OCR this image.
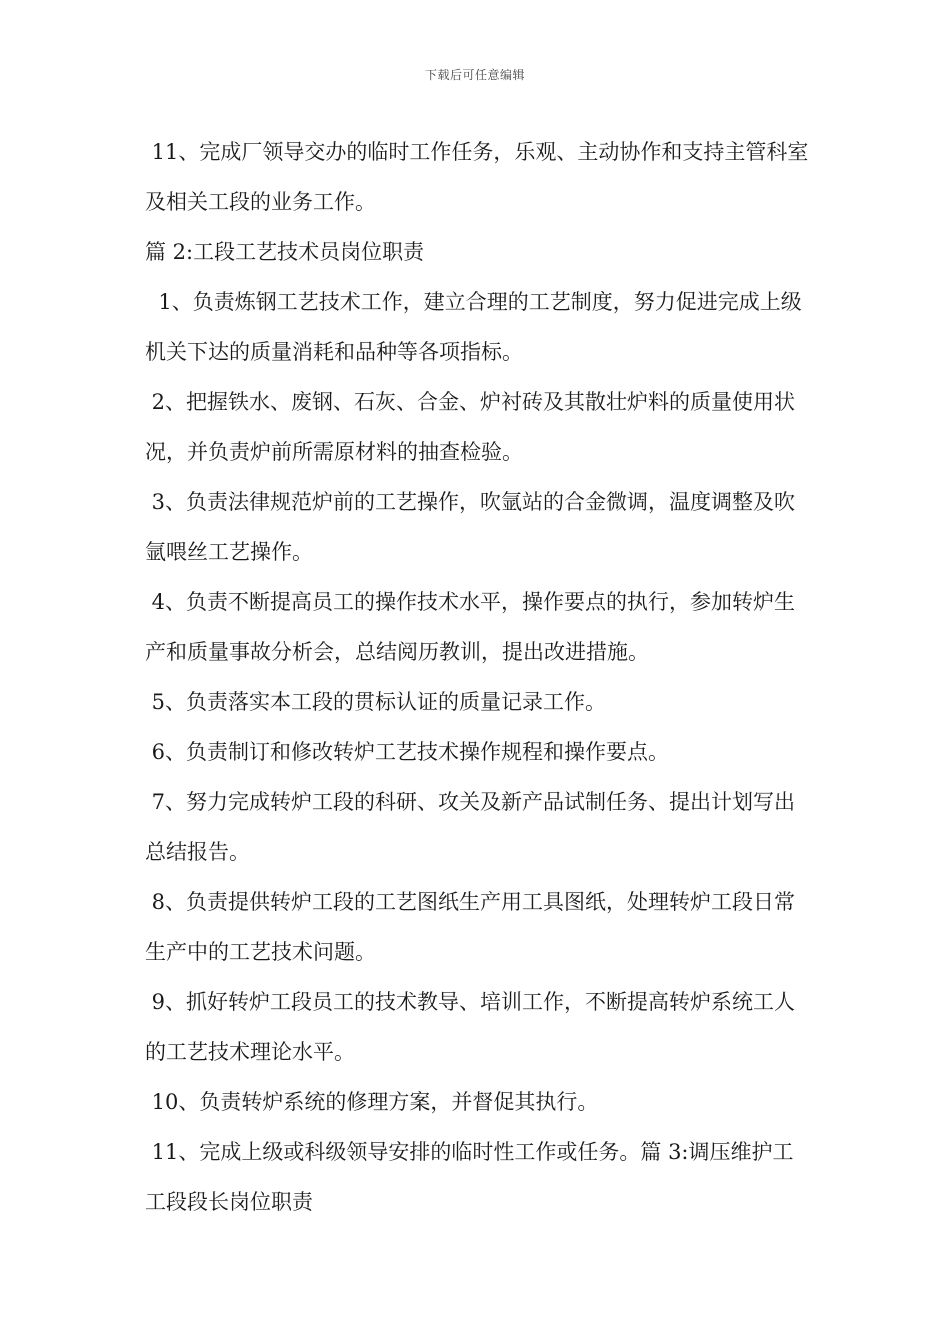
下载后可任意编辑

11、完成厂领导交办的临时工作任务，乐观、主动协作和支持主管科室及相关工段的业务工作。

篇 2:工段工艺技术员岗位职责

1、负责炼钢工艺技术工作，建立合理的工艺制度，努力促进完成上级机关下达的质量消耗和品种等各项指标。

2、把握铁水、废钢、石灰、合金、炉衬砖及其散壮炉料的质量使用状况，并负责炉前所需原材料的抽查检验。

3、负责法律规范炉前的工艺操作，吹氩站的合金微调，温度调整及吹氩喂丝工艺操作。

4、负责不断提高员工的操作技术水平，操作要点的执行，参加转炉生产和质量事故分析会，总结阅历教训，提出改进措施。

5、负责落实本工段的贯标认证的质量记录工作。

6、负责制订和修改转炉工艺技术操作规程和操作要点。

7、努力完成转炉工段的科研、攻关及新产品试制任务、提出计划写出总结报告。

8、负责提供转炉工段的工艺图纸生产用工具图纸，处理转炉工段日常生产中的工艺技术问题。

9、抓好转炉工段员工的技术教导、培训工作，不断提高转炉系统工人的工艺技术理论水平。

10、负责转炉系统的修理方案，并督促其执行。

11、完成上级或科级领导安排的临时性工作或任务。篇 3:调压维护工工段段长岗位职责
